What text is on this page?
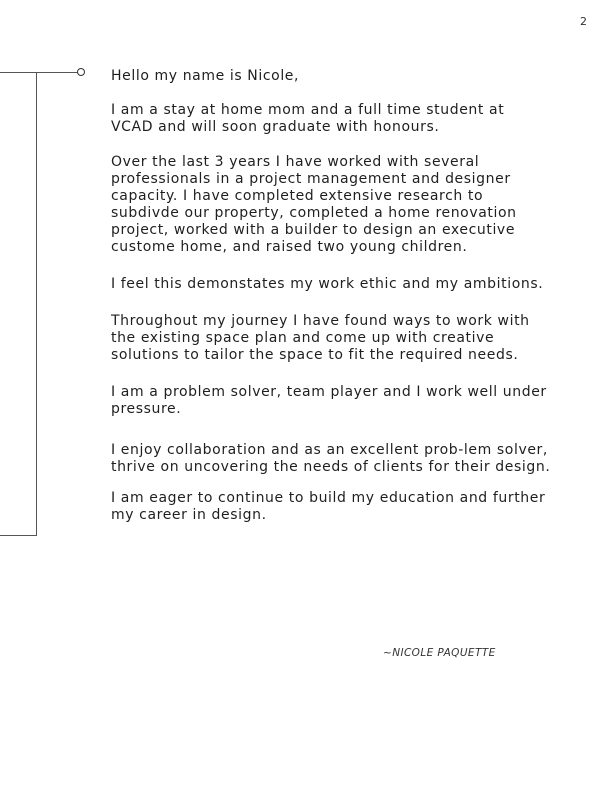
2

Hello my name is Nicole,

I am a stay at home mom and a full time student at VCAD and will soon graduate with honours.

Over the last 3 years I have worked with several professionals in a project management and designer capacity. I have completed extensive research to subdivde our property, completed a home renovation project, worked with a builder to design an executive custome home, and raised two young children.

I feel this demonstates my work ethic and my ambitions.

Throughout my journey I have found ways to work with the existing space plan and come up with creative solutions to tailor the space to fit the required needs.

I am a problem solver, team player and I work well under pressure.

I enjoy collaboration and as an excellent prob-lem solver, thrive on uncovering the needs of clients for their design.

I am eager to continue to build my education and further my career in design.

~NICOLE PAQUETTE
